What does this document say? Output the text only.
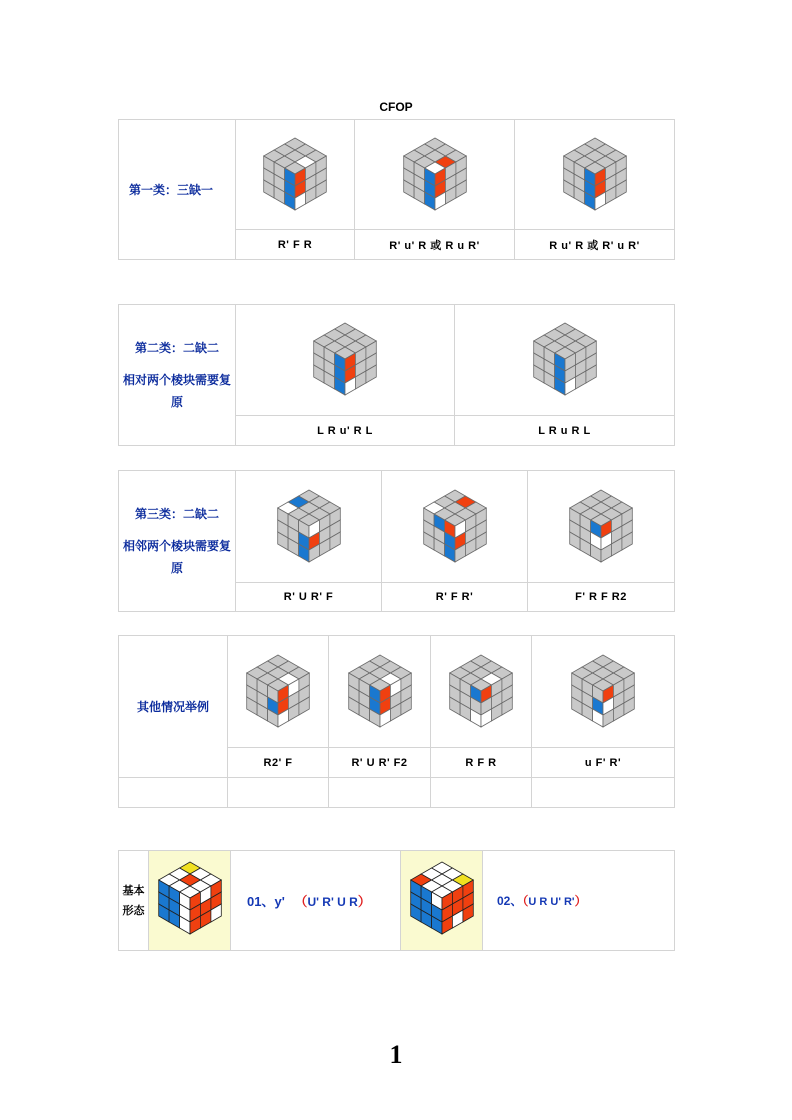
CFOP
第一类：三缺一

	R' F R	R' u' R 或 R u R'	R u' R 或 R' u R'
第二类：二缺二
相对两个棱块需要复原

	L R u' R L	L R u R L
第三类：二缺二
相邻两个棱块需要复原

	R' U R' F	R' F R'	F' R F R2
其他情况举例

	R2' F	R' U R' F2	R F R	u F' R'

基本
形态

	01、y' （U' R' U R）		02、（U R U' R'）
1
